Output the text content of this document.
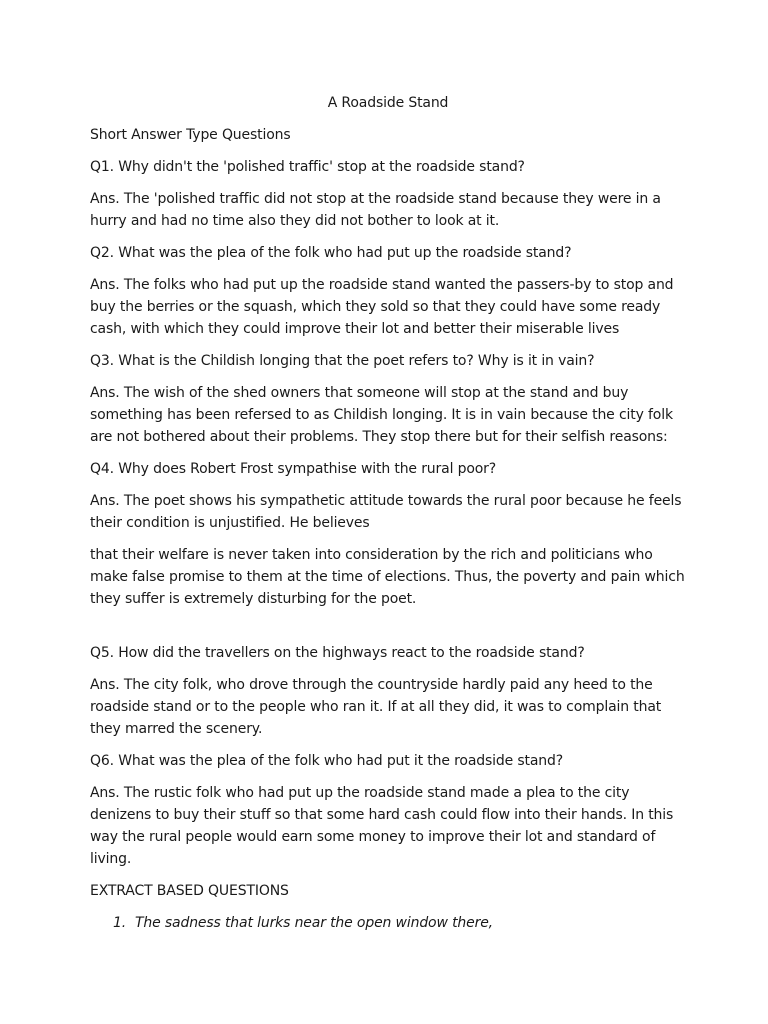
A Roadside Stand
Short Answer Type Questions
Q1. Why didn't the 'polished traffic' stop at the roadside stand?
Ans. The 'polished traffic did not stop at the roadside stand because they were in a hurry and had no time also they did not bother to look at it.
Q2. What was the plea of the folk who had put up the roadside stand?
Ans. The folks who had put up the roadside stand wanted the passers-by to stop and buy the berries or the squash, which they sold so that they could have some ready cash, with which they could improve their lot and better their miserable lives
Q3. What is the Childish longing that the poet refers to? Why is it in vain?
Ans. The wish of the shed owners that someone will stop at the stand and buy something has been refersed to as Childish longing. It is in vain because the city folk are not bothered about their problems. They stop there but for their selfish reasons:
Q4. Why does Robert Frost sympathise with the rural poor?
Ans. The poet shows his sympathetic attitude towards the rural poor because he feels their condition is unjustified. He believes
that their welfare is never taken into consideration by the rich and politicians who make false promise to them at the time of elections. Thus, the poverty and pain which they suffer is extremely disturbing for the poet.
Q5. How did the travellers on the highways react to the roadside stand?
Ans. The city folk, who drove through the countryside hardly paid any heed to the roadside stand or to the people who ran it. If at all they did, it was to complain that they marred the scenery.
Q6. What was the plea of the folk who had put it the roadside stand?
Ans. The rustic folk who had put up the roadside stand made a plea to the city denizens to buy their stuff so that some hard cash could flow into their hands. In this way the rural people would earn some money to improve their lot and standard of living.
EXTRACT BASED QUESTIONS
1. The sadness that lurks near the open window there,
